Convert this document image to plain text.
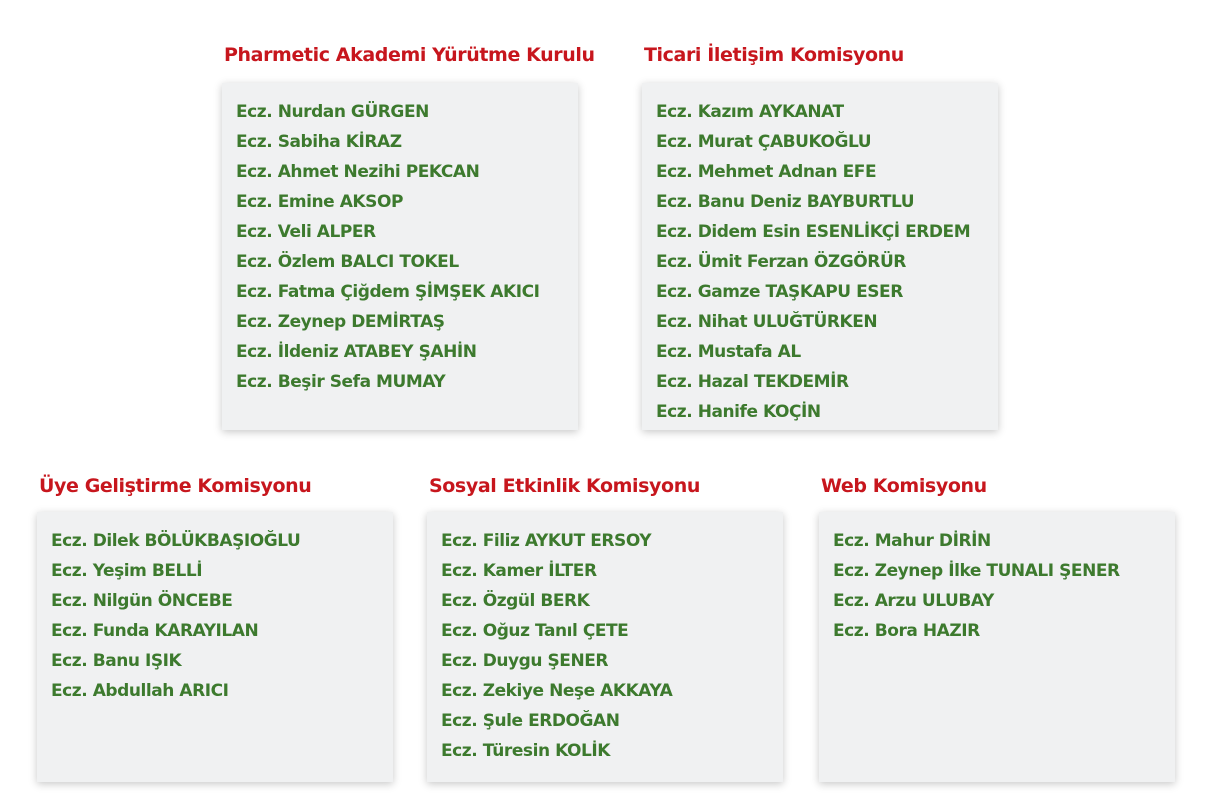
Pharmetic Akademi Yürütme Kurulu
Ecz. Nurdan GÜRGEN
Ecz. Sabiha KİRAZ
Ecz. Ahmet Nezihi PEKCAN
Ecz. Emine AKSOP
Ecz. Veli ALPER
Ecz. Özlem BALCI TOKEL
Ecz. Fatma Çiğdem ŞİMŞEK AKICI
Ecz. Zeynep DEMİRTAŞ
Ecz. İldeniz ATABEY ŞAHİN
Ecz. Beşir Sefa MUMAY
Ticari İletişim Komisyonu
Ecz. Kazım AYKANAT
Ecz. Murat ÇABUKOĞLU
Ecz. Mehmet Adnan EFE
Ecz. Banu Deniz BAYBURTLU
Ecz. Didem Esin ESENLİKÇİ ERDEM
Ecz. Ümit Ferzan ÖZGÖRÜR
Ecz. Gamze TAŞKAPU ESER
Ecz. Nihat ULUĞTÜRKEN
Ecz. Mustafa AL
Ecz. Hazal TEKDEMİR
Ecz. Hanife KOÇİN
Üye Geliştirme Komisyonu
Ecz. Dilek BÖLÜKBAŞIOĞLU
Ecz. Yeşim BELLİ
Ecz. Nilgün ÖNCEBE
Ecz. Funda KARAYILAN
Ecz. Banu IŞIK
Ecz. Abdullah ARICI
Sosyal Etkinlik Komisyonu
Ecz. Filiz AYKUT ERSOY
Ecz. Kamer İLTER
Ecz. Özgül BERK
Ecz. Oğuz Tanıl ÇETE
Ecz. Duygu ŞENER
Ecz. Zekiye Neşe AKKAYA
Ecz. Şule ERDOĞAN
Ecz. Türesin KOLİK
Web Komisyonu
Ecz. Mahur DİRİN
Ecz. Zeynep İlke TUNALI ŞENER
Ecz. Arzu ULUBAY
Ecz. Bora HAZIR
